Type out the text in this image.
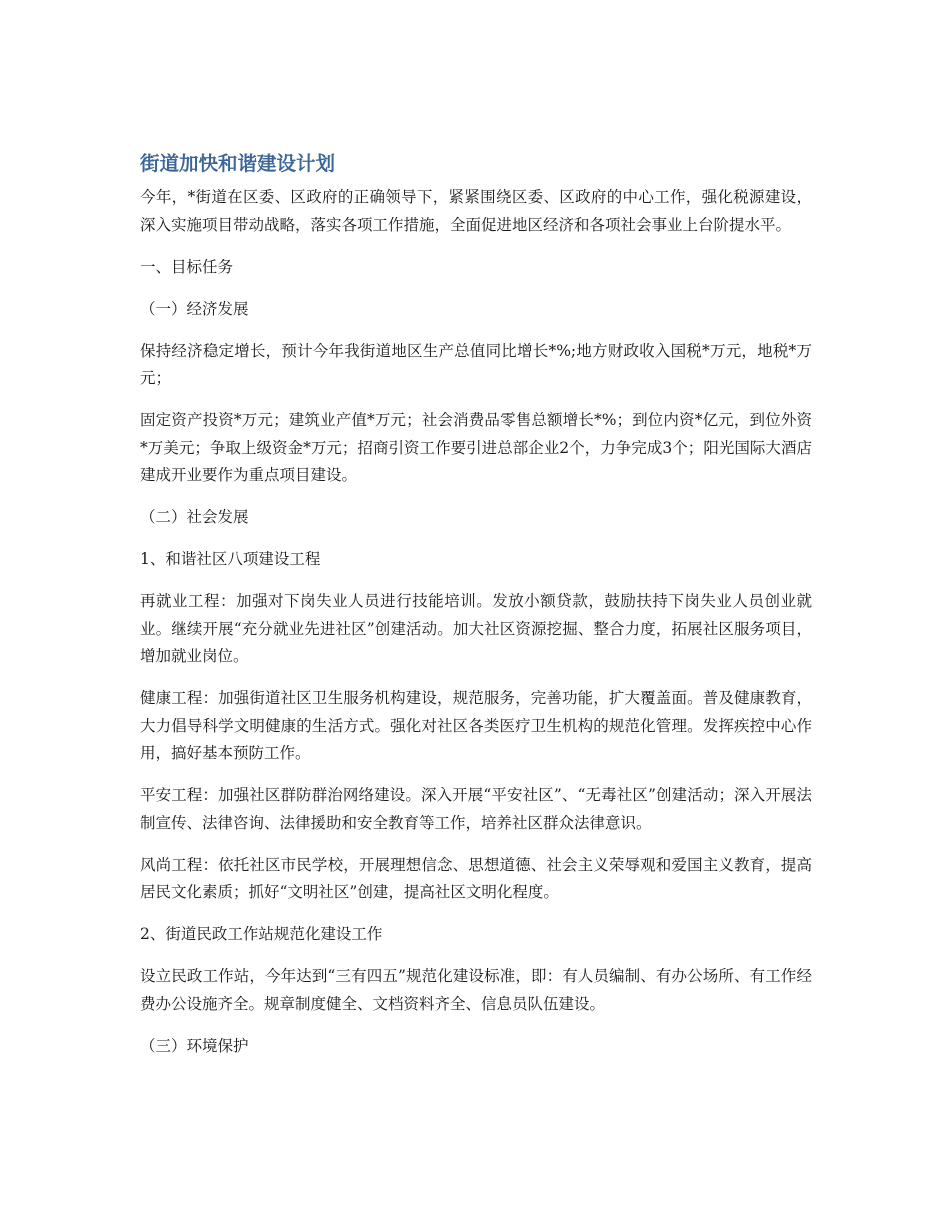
街道加快和谐建设计划

今年，*街道在区委、区政府的正确领导下，紧紧围绕区委、区政府的中心工作，强化税源建设，深入实施项目带动战略，落实各项工作措施，全面促进地区经济和各项社会事业上台阶提水平。

一、目标任务

（一）经济发展

保持经济稳定增长，预计今年我街道地区生产总值同比增长*%;地方财政收入国税*万元，地税*万元；

固定资产投资*万元；建筑业产值*万元；社会消费品零售总额增长*%；到位内资*亿元，到位外资*万美元；争取上级资金*万元；招商引资工作要引进总部企业2个，力争完成3个；阳光国际大酒店建成开业要作为重点项目建设。

（二）社会发展

1、和谐社区八项建设工程

再就业工程：加强对下岗失业人员进行技能培训。发放小额贷款，鼓励扶持下岗失业人员创业就业。继续开展“充分就业先进社区”创建活动。加大社区资源挖掘、整合力度，拓展社区服务项目，增加就业岗位。

健康工程：加强街道社区卫生服务机构建设，规范服务，完善功能，扩大覆盖面。普及健康教育，大力倡导科学文明健康的生活方式。强化对社区各类医疗卫生机构的规范化管理。发挥疾控中心作用，搞好基本预防工作。

平安工程：加强社区群防群治网络建设。深入开展“平安社区”、“无毒社区”创建活动；深入开展法制宣传、法律咨询、法律援助和安全教育等工作，培养社区群众法律意识。

风尚工程：依托社区市民学校，开展理想信念、思想道德、社会主义荣辱观和爱国主义教育，提高居民文化素质；抓好“文明社区”创建，提高社区文明化程度。

2、街道民政工作站规范化建设工作

设立民政工作站，今年达到“三有四五”规范化建设标准，即：有人员编制、有办公场所、有工作经费办公设施齐全。规章制度健全、文档资料齐全、信息员队伍建设。

（三）环境保护
